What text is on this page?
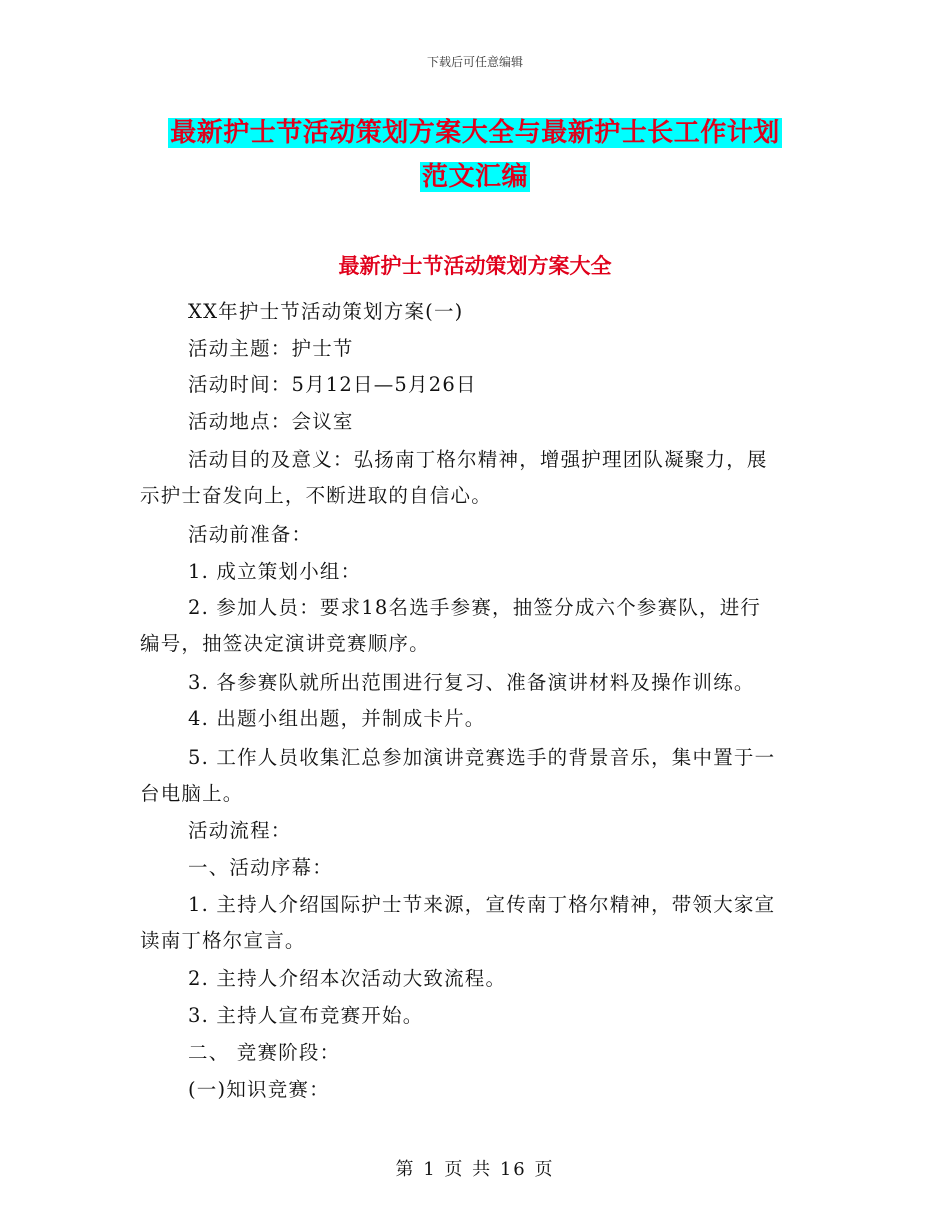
下载后可任意编辑
最新护士节活动策划方案大全与最新护士长工作计划
范文汇编
最新护士节活动策划方案大全
XX年护士节活动策划方案(一)
活动主题：护士节
活动时间：5月12日—5月26日
活动地点：会议室
活动目的及意义：弘扬南丁格尔精神，增强护理团队凝聚力，展
示护士奋发向上，不断进取的自信心。
活动前准备：
1. 成立策划小组：
2. 参加人员：要求18名选手参赛，抽签分成六个参赛队，进行
编号，抽签决定演讲竞赛顺序。
3. 各参赛队就所出范围进行复习、准备演讲材料及操作训练。
4. 出题小组出题，并制成卡片。
5. 工作人员收集汇总参加演讲竞赛选手的背景音乐，集中置于一
台电脑上。
活动流程：
一、活动序幕：
1. 主持人介绍国际护士节来源，宣传南丁格尔精神，带领大家宣
读南丁格尔宣言。
2. 主持人介绍本次活动大致流程。
3. 主持人宣布竞赛开始。
二、 竞赛阶段：
(一)知识竞赛：
第 1 页 共 16 页
